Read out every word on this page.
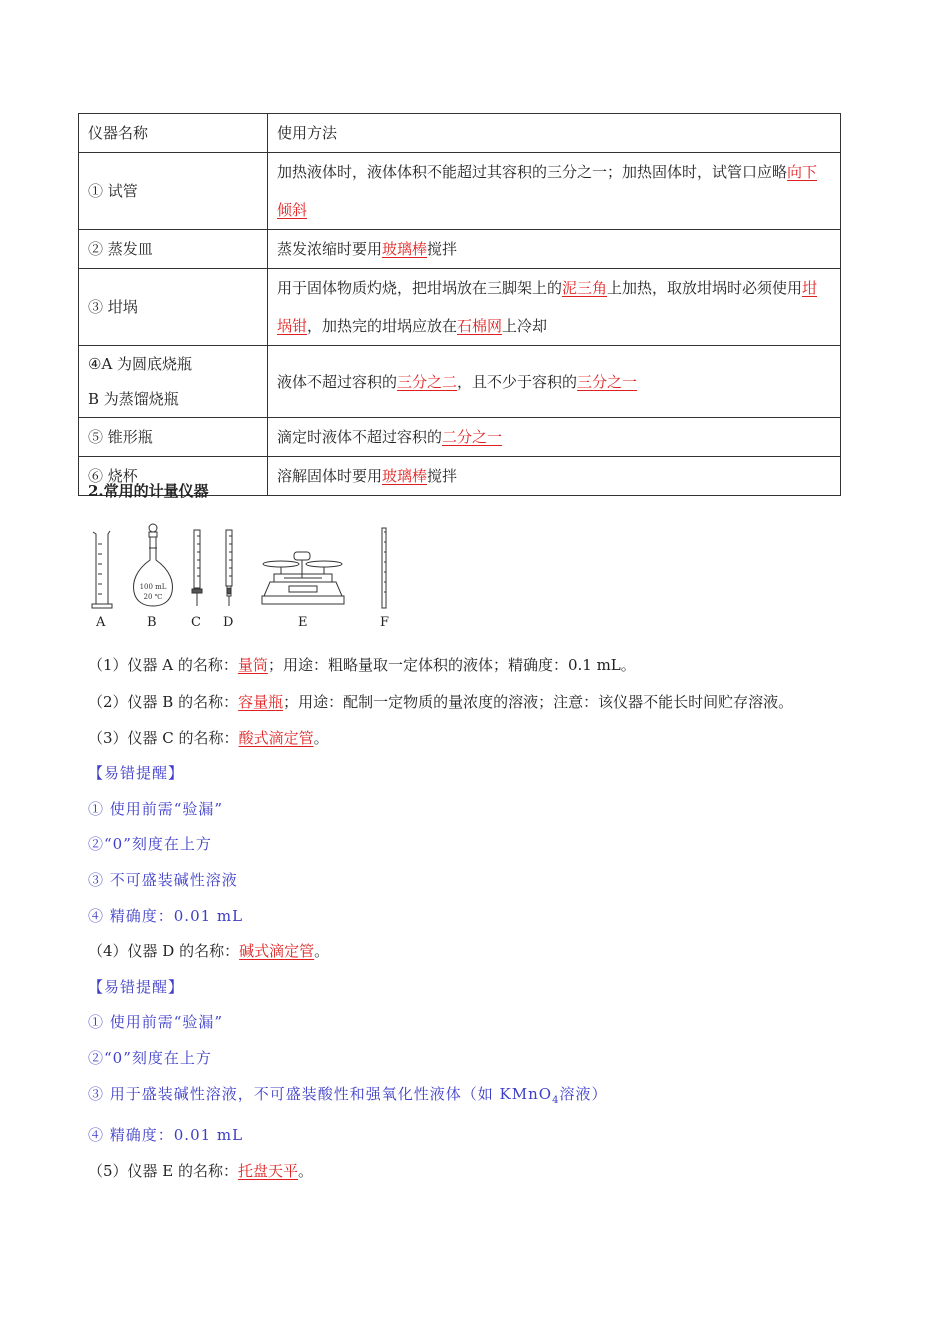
仪器名称	使用方法
① 试管	加热液体时，液体体积不能超过其容积的三分之一；加热固体时，试管口应略向下倾斜
② 蒸发皿	蒸发浓缩时要用玻璃棒搅拌
③ 坩埚	用于固体物质灼烧，把坩埚放在三脚架上的泥三角上加热，取放坩埚时必须使用坩埚钳，加热完的坩埚应放在石棉网上冷却

④A 为圆底烧瓶
B 为蒸馏烧瓶	液体不超过容积的三分之二，且不少于容积的三分之一
⑤ 锥形瓶	滴定时液体不超过容积的二分之一
⑥ 烧杯	溶解固体时要用玻璃棒搅拌
2.常用的计量仪器
100 mL
20 ℃
A	B	C D	E	F
（1）仪器 A 的名称：量筒；用途：粗略量取一定体积的液体；精确度：0.1 mL。
（2）仪器 B 的名称：容量瓶；用途：配制一定物质的量浓度的溶液；注意：该仪器不能长时间贮存溶液。
（3）仪器 C 的名称：酸式滴定管。
【易错提醒】
① 使用前需“验漏”
②“0”刻度在上方
③ 不可盛装碱性溶液
④ 精确度：0.01 mL
（4）仪器 D 的名称：碱式滴定管。
【易错提醒】
① 使用前需“验漏”
②“0”刻度在上方
③ 用于盛装碱性溶液，不可盛装酸性和强氧化性液体（如 KMnO$_4$溶液）
④ 精确度：0.01 mL
（5）仪器 E 的名称：托盘天平。
